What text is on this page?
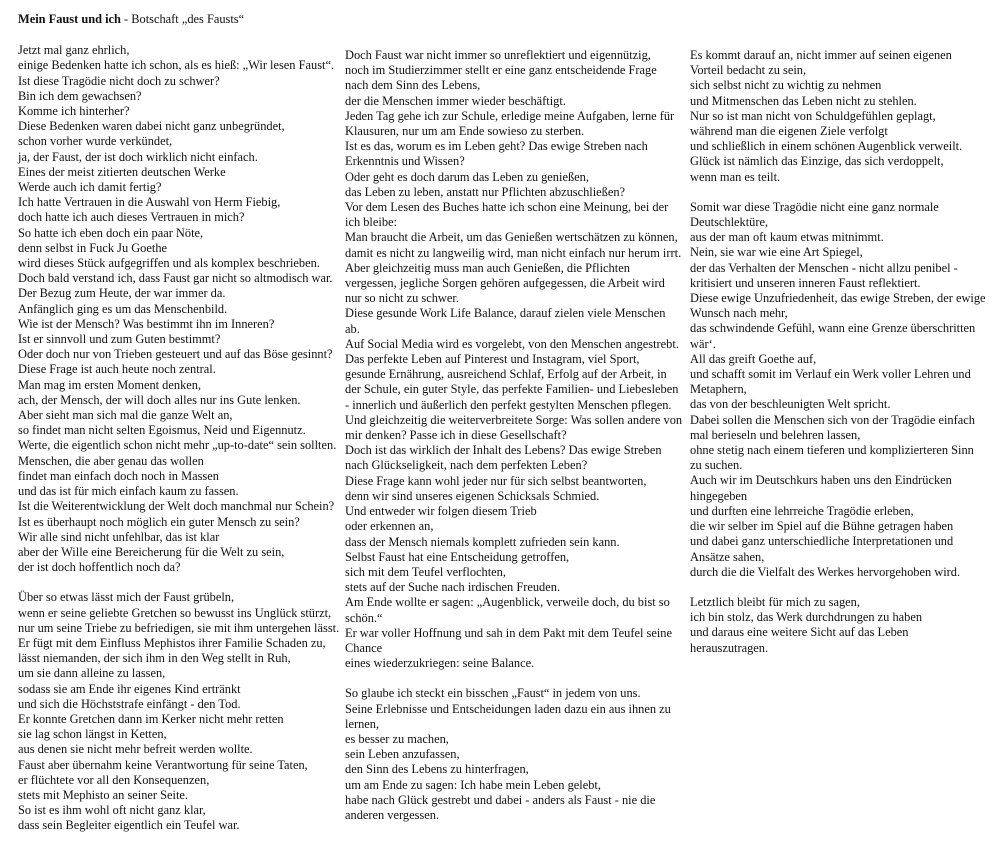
Mein Faust und ich - Botschaft „des Fausts“
Jetzt mal ganz ehrlich,
einige Bedenken hatte ich schon, als es hieß: „Wir lesen Faust“.
Ist diese Tragödie nicht doch zu schwer?
Bin ich dem gewachsen?
Komme ich hinterher?
Diese Bedenken waren dabei nicht ganz unbegründet,
schon vorher wurde verkündet,
ja, der Faust, der ist doch wirklich nicht einfach.
Eines der meist zitierten deutschen Werke
Werde auch ich damit fertig?
Ich hatte Vertrauen in die Auswahl von Herm Fiebig,
doch hatte ich auch dieses Vertrauen in mich?
So hatte ich eben doch ein paar Nöte,
denn selbst in Fuck Ju Goethe
wird dieses Stück aufgegriffen und als komplex beschrieben.
Doch bald verstand ich, dass Faust gar nicht so altmodisch war.
Der Bezug zum Heute, der war immer da.
Anfänglich ging es um das Menschenbild.
Wie ist der Mensch? Was bestimmt ihn im Inneren?
Ist er sinnvoll und zum Guten bestimmt?
Oder doch nur von Trieben gesteuert und auf das Böse gesinnt?
Diese Frage ist auch heute noch zentral.
Man mag im ersten Moment denken,
ach, der Mensch, der will doch alles nur ins Gute lenken.
Aber sieht man sich mal die ganze Welt an,
so findet man nicht selten Egoismus, Neid und Eigennutz.
Werte, die eigentlich schon nicht mehr „up-to-date“ sein sollten.
Menschen, die aber genau das wollen
findet man einfach doch noch in Massen
und das ist für mich einfach kaum zu fassen.
Ist die Weiterentwicklung der Welt doch manchmal nur Schein?
Ist es überhaupt noch möglich ein guter Mensch zu sein?
Wir alle sind nicht unfehlbar, das ist klar
aber der Wille eine Bereicherung für die Welt zu sein,
der ist doch hoffentlich noch da?
Über so etwas lässt mich der Faust grübeln,
wenn er seine geliebte Gretchen so bewusst ins Unglück stürzt,
nur um seine Triebe zu befriedigen, sie mit ihm untergehen lässt.
Er fügt mit dem Einfluss Mephistos ihrer Familie Schaden zu,
lässt niemanden, der sich ihm in den Weg stellt in Ruh,
um sie dann alleine zu lassen,
sodass sie am Ende ihr eigenes Kind ertränkt
und sich die Höchststrafe einfängt - den Tod.
Er konnte Gretchen dann im Kerker nicht mehr retten
sie lag schon längst in Ketten,
aus denen sie nicht mehr befreit werden wollte.
Faust aber übernahm keine Verantwortung für seine Taten,
er flüchtete vor all den Konsequenzen,
stets mit Mephisto an seiner Seite.
So ist es ihm wohl oft nicht ganz klar,
dass sein Begleiter eigentlich ein Teufel war.
Doch Faust war nicht immer so unreflektiert und eigennützig,
noch im Studierzimmer stellt er eine ganz entscheidende Frage
nach dem Sinn des Lebens,
der die Menschen immer wieder beschäftigt.
Jeden Tag gehe ich zur Schule, erledige meine Aufgaben, lerne für
Klausuren, nur um am Ende sowieso zu sterben.
Ist es das, worum es im Leben geht? Das ewige Streben nach
Erkenntnis und Wissen?
Oder geht es doch darum das Leben zu genießen,
das Leben zu leben, anstatt nur Pflichten abzuschließen?
Vor dem Lesen des Buches hatte ich schon eine Meinung, bei der
ich bleibe:
Man braucht die Arbeit, um das Genießen wertschätzen zu können,
damit es nicht zu langweilig wird, man nicht einfach nur herum irrt.
Aber gleichzeitig muss man auch Genießen, die Pflichten
vergessen, jegliche Sorgen gehören aufgegessen, die Arbeit wird
nur so nicht zu schwer.
Diese gesunde Work Life Balance, darauf zielen viele Menschen
ab.
Auf Social Media wird es vorgelebt, von den Menschen angestrebt.
Das perfekte Leben auf Pinterest und Instagram, viel Sport,
gesunde Ernährung, ausreichend Schlaf, Erfolg auf der Arbeit, in
der Schule, ein guter Style, das perfekte Familien- und Liebesleben
- innerlich und äußerlich den perfekt gestylten Menschen pflegen.
Und gleichzeitig die weiterverbreitete Sorge: Was sollen andere von
mir denken? Passe ich in diese Gesellschaft?
Doch ist das wirklich der Inhalt des Lebens? Das ewige Streben
nach Glückseligkeit, nach dem perfekten Leben?
Diese Frage kann wohl jeder nur für sich selbst beantworten,
denn wir sind unseres eigenen Schicksals Schmied.
Und entweder wir folgen diesem Trieb
oder erkennen an,
dass der Mensch niemals komplett zufrieden sein kann.
Selbst Faust hat eine Entscheidung getroffen,
sich mit dem Teufel verflochten,
stets auf der Suche nach irdischen Freuden.
Am Ende wollte er sagen: „Augenblick, verweile doch, du bist so
schön.“
Er war voller Hoffnung und sah in dem Pakt mit dem Teufel seine
Chance
eines wiederzukriegen: seine Balance.
So glaube ich steckt ein bisschen „Faust“ in jedem von uns.
Seine Erlebnisse und Entscheidungen laden dazu ein aus ihnen zu
lernen,
es besser zu machen,
sein Leben anzufassen,
den Sinn des Lebens zu hinterfragen,
um am Ende zu sagen: Ich habe mein Leben gelebt,
habe nach Glück gestrebt und dabei - anders als Faust - nie die
anderen vergessen.
Es kommt darauf an, nicht immer auf seinen eigenen
Vorteil bedacht zu sein,
sich selbst nicht zu wichtig zu nehmen
und Mitmenschen das Leben nicht zu stehlen.
Nur so ist man nicht von Schuldgefühlen geplagt,
während man die eigenen Ziele verfolgt
und schließlich in einem schönen Augenblick verweilt.
Glück ist nämlich das Einzige, das sich verdoppelt,
wenn man es teilt.
Somit war diese Tragödie nicht eine ganz normale
Deutschlektüre,
aus der man oft kaum etwas mitnimmt.
Nein, sie war wie eine Art Spiegel,
der das Verhalten der Menschen - nicht allzu penibel -
kritisiert und unseren inneren Faust reflektiert.
Diese ewige Unzufriedenheit, das ewige Streben, der ewige
Wunsch nach mehr,
das schwindende Gefühl, wann eine Grenze überschritten
wär‘.
All das greift Goethe auf,
und schafft somit im Verlauf ein Werk voller Lehren und
Metaphern,
das von der beschleunigten Welt spricht.
Dabei sollen die Menschen sich von der Tragödie einfach
mal berieseln und belehren lassen,
ohne stetig nach einem tieferen und komplizierteren Sinn
zu suchen.
Auch wir im Deutschkurs haben uns den Eindrücken
hingegeben
und durften eine lehrreiche Tragödie erleben,
die wir selber im Spiel auf die Bühne getragen haben
und dabei ganz unterschiedliche Interpretationen und
Ansätze sahen,
durch die die Vielfalt des Werkes hervorgehoben wird.
Letztlich bleibt für mich zu sagen,
ich bin stolz, das Werk durchdrungen zu haben
und daraus eine weitere Sicht auf das Leben
herauszutragen.
